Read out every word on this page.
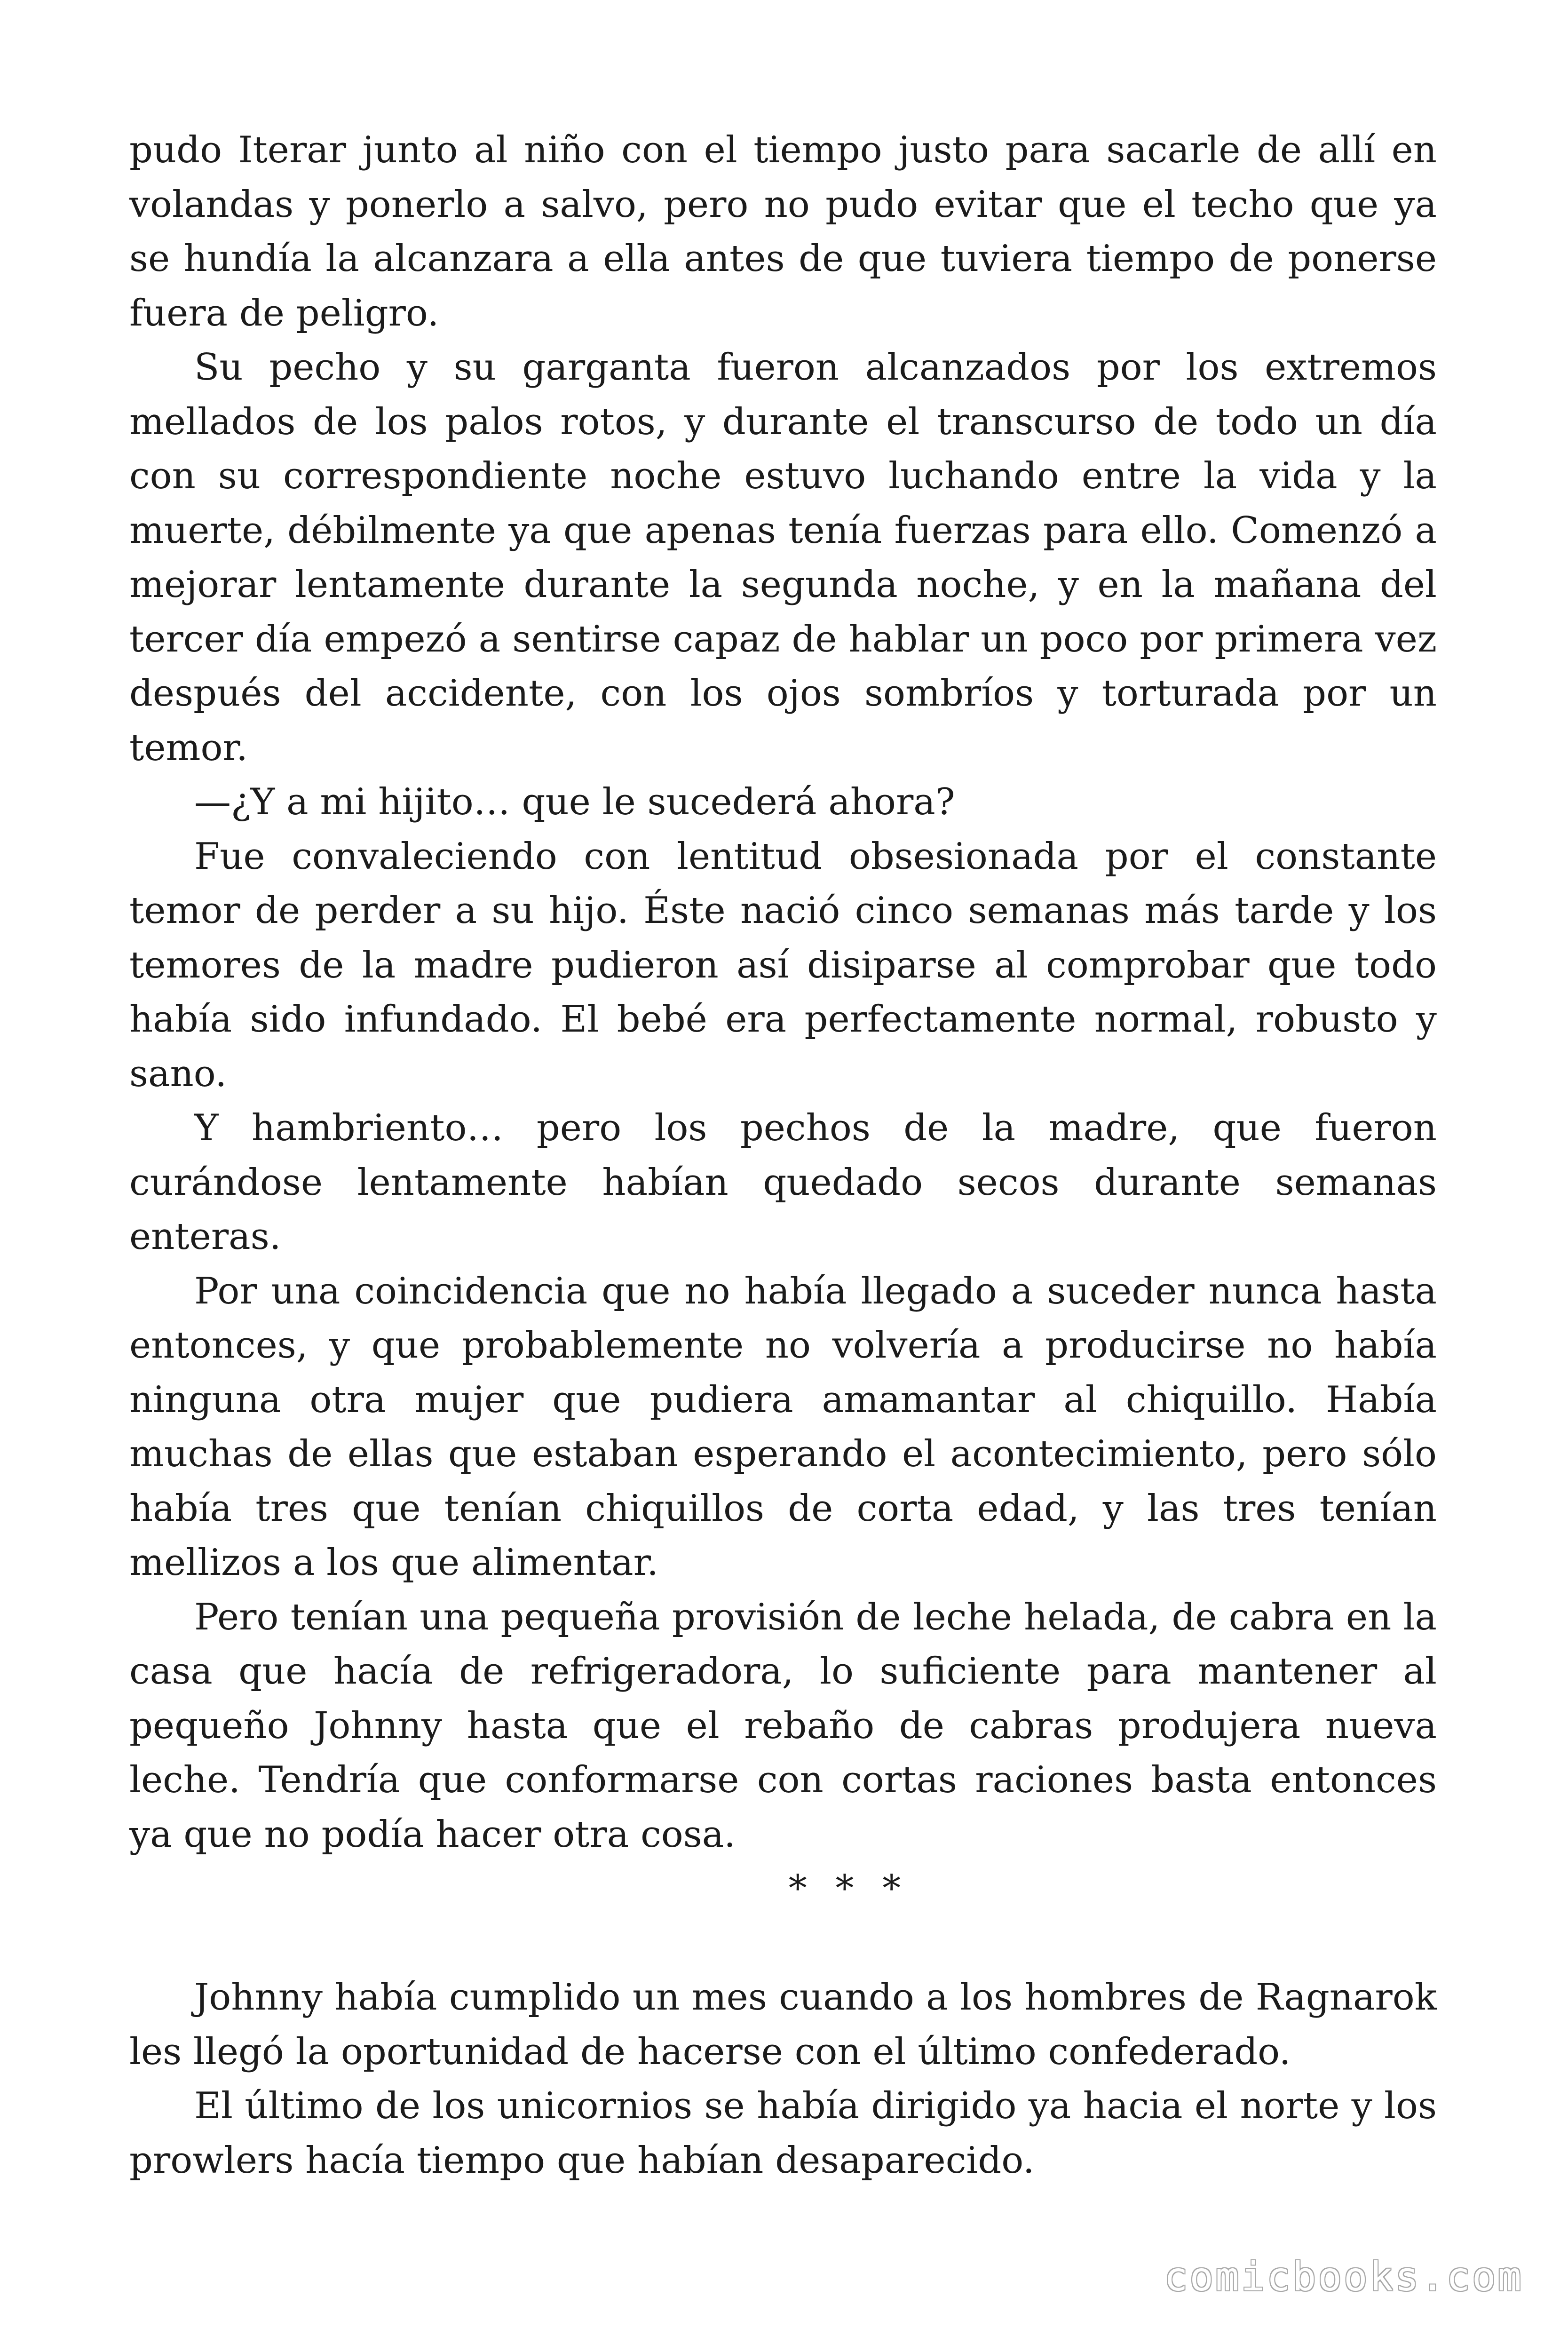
pudo Iterar junto al niño con el tiempo justo para sacarle de allí en volandas y ponerlo a salvo, pero no pudo evitar que el techo que ya se hundía la alcanzara a ella antes de que tuviera tiempo de ponerse fuera de peligro.

Su pecho y su garganta fueron alcanzados por los extremos mellados de los palos rotos, y durante el transcurso de todo un día con su correspondiente noche estuvo luchando entre la vida y la muerte, débilmente ya que apenas tenía fuerzas para ello. Comenzó a mejorar lentamente durante la segunda noche, y en la mañana del tercer día empezó a sentirse capaz de hablar un poco por primera vez después del accidente, con los ojos sombríos y torturada por un temor.

—¿Y a mi hijito… que le sucederá ahora?

Fue convaleciendo con lentitud obsesionada por el constante temor de perder a su hijo. Éste nació cinco semanas más tarde y los temores de la madre pudieron así disiparse al comprobar que todo había sido infundado. El bebé era perfectamente normal, robusto y sano.

Y hambriento… pero los pechos de la madre, que fueron curándose lentamente habían quedado secos durante semanas enteras.

Por una coincidencia que no había llegado a suceder nunca hasta entonces, y que probablemente no volvería a producirse no había ninguna otra mujer que pudiera amamantar al chiquillo. Había muchas de ellas que estaban esperando el acontecimiento, pero sólo había tres que tenían chiquillos de corta edad, y las tres tenían mellizos a los que alimentar.

Pero tenían una pequeña provisión de leche helada, de cabra en la casa que hacía de refrigeradora, lo suficiente para mantener al pequeño Johnny hasta que el rebaño de cabras produjera nueva leche. Tendría que conformarse con cortas raciones basta entonces ya que no podía hacer otra cosa.

* * *

Johnny había cumplido un mes cuando a los hombres de Ragnarok les llegó la oportunidad de hacerse con el último confederado.

El último de los unicornios se había dirigido ya hacia el norte y los prowlers hacía tiempo que habían desaparecido.

comicbooks.com
